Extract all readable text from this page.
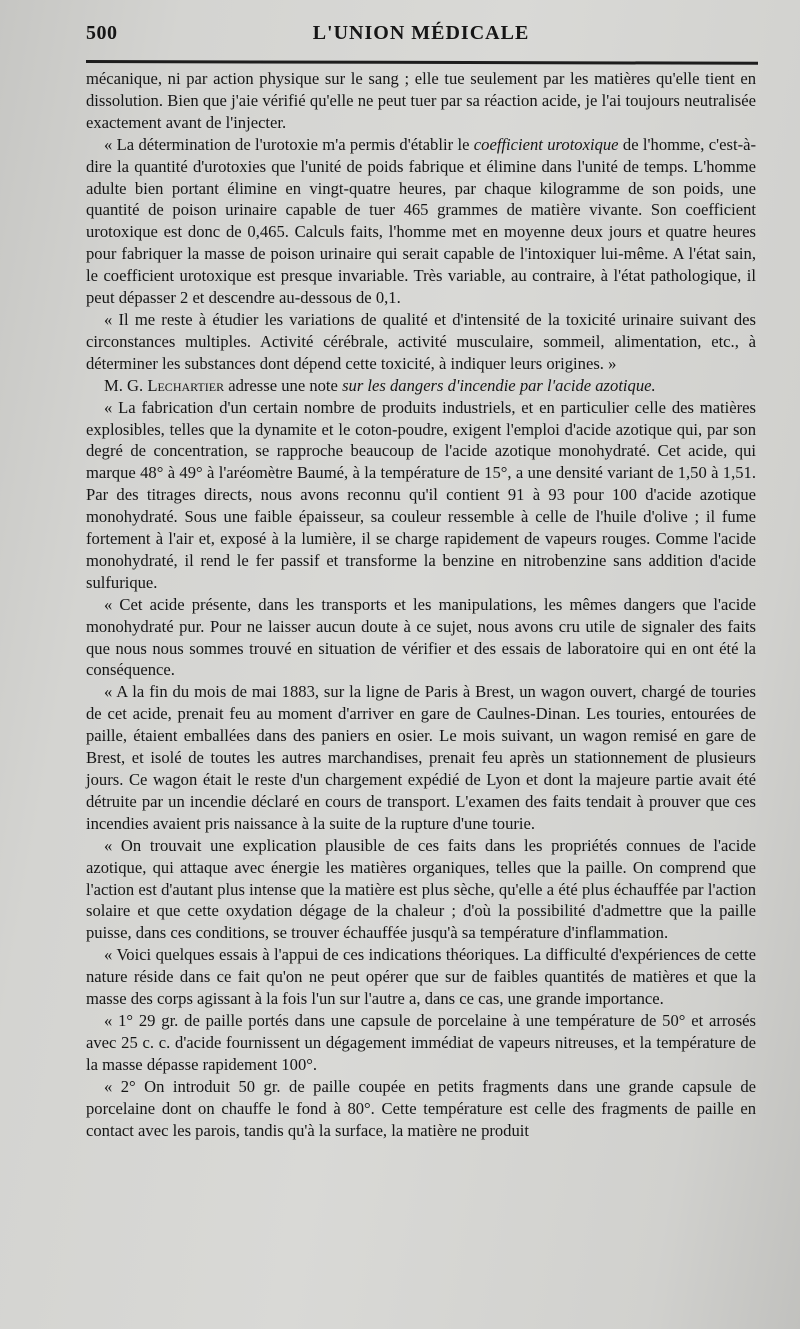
500	L'UNION MÉDICALE

mécanique, ni par action physique sur le sang ; elle tue seulement par les matières qu'elle tient en dissolution. Bien que j'aie vérifié qu'elle ne peut tuer par sa réaction acide, je l'ai toujours neutralisée exactement avant de l'injecter.

« La détermination de l'urotoxie m'a permis d'établir le coefficient urotoxique de l'homme, c'est-à-dire la quantité d'urotoxies que l'unité de poids fabrique et élimine dans l'unité de temps. L'homme adulte bien portant élimine en vingt-quatre heures, par chaque kilogramme de son poids, une quantité de poison urinaire capable de tuer 465 grammes de matière vivante. Son coefficient urotoxique est donc de 0,465. Calculs faits, l'homme met en moyenne deux jours et quatre heures pour fabriquer la masse de poison urinaire qui serait capable de l'intoxiquer lui-même. A l'état sain, le coefficient urotoxique est presque invariable. Très variable, au contraire, à l'état pathologique, il peut dépasser 2 et descendre au-dessous de 0,1.

« Il me reste à étudier les variations de qualité et d'intensité de la toxicité urinaire suivant des circonstances multiples. Activité cérébrale, activité musculaire, sommeil, alimentation, etc., à déterminer les substances dont dépend cette toxicité, à indiquer leurs origines. »

M. G. Lechartier adresse une note sur les dangers d'incendie par l'acide azotique.

« La fabrication d'un certain nombre de produits industriels, et en particulier celle des matières explosibles, telles que la dynamite et le coton-poudre, exigent l'emploi d'acide azotique qui, par son degré de concentration, se rapproche beaucoup de l'acide azotique monohydraté. Cet acide, qui marque 48° à 49° à l'aréomètre Baumé, à la température de 15°, a une densité variant de 1,50 à 1,51. Par des titrages directs, nous avons reconnu qu'il contient 91 à 93 pour 100 d'acide azotique monohydraté. Sous une faible épaisseur, sa couleur ressemble à celle de l'huile d'olive ; il fume fortement à l'air et, exposé à la lumière, il se charge rapidement de vapeurs rouges. Comme l'acide monohydraté, il rend le fer passif et transforme la benzine en nitrobenzine sans addition d'acide sulfurique.

« Cet acide présente, dans les transports et les manipulations, les mêmes dangers que l'acide monohydraté pur. Pour ne laisser aucun doute à ce sujet, nous avons cru utile de signaler des faits que nous nous sommes trouvé en situation de vérifier et des essais de laboratoire qui en ont été la conséquence.

« A la fin du mois de mai 1883, sur la ligne de Paris à Brest, un wagon ouvert, chargé de touries de cet acide, prenait feu au moment d'arriver en gare de Caulnes-Dinan. Les touries, entourées de paille, étaient emballées dans des paniers en osier. Le mois suivant, un wagon remisé en gare de Brest, et isolé de toutes les autres marchandises, prenait feu après un stationnement de plusieurs jours. Ce wagon était le reste d'un chargement expédié de Lyon et dont la majeure partie avait été détruite par un incendie déclaré en cours de transport. L'examen des faits tendait à prouver que ces incendies avaient pris naissance à la suite de la rupture d'une tourie.

« On trouvait une explication plausible de ces faits dans les propriétés connues de l'acide azotique, qui attaque avec énergie les matières organiques, telles que la paille. On comprend que l'action est d'autant plus intense que la matière est plus sèche, qu'elle a été plus échauffée par l'action solaire et que cette oxydation dégage de la chaleur ; d'où la possibilité d'admettre que la paille puisse, dans ces conditions, se trouver échauffée jusqu'à sa température d'inflammation.

« Voici quelques essais à l'appui de ces indications théoriques. La difficulté d'expériences de cette nature réside dans ce fait qu'on ne peut opérer que sur de faibles quantités de matières et que la masse des corps agissant à la fois l'un sur l'autre a, dans ce cas, une grande importance.

« 1° 29 gr. de paille portés dans une capsule de porcelaine à une température de 50° et arrosés avec 25 c. c. d'acide fournissent un dégagement immédiat de vapeurs nitreuses, et la température de la masse dépasse rapidement 100°.

« 2° On introduit 50 gr. de paille coupée en petits fragments dans une grande capsule de porcelaine dont on chauffe le fond à 80°. Cette température est celle des fragments de paille en contact avec les parois, tandis qu'à la surface, la matière ne produit
